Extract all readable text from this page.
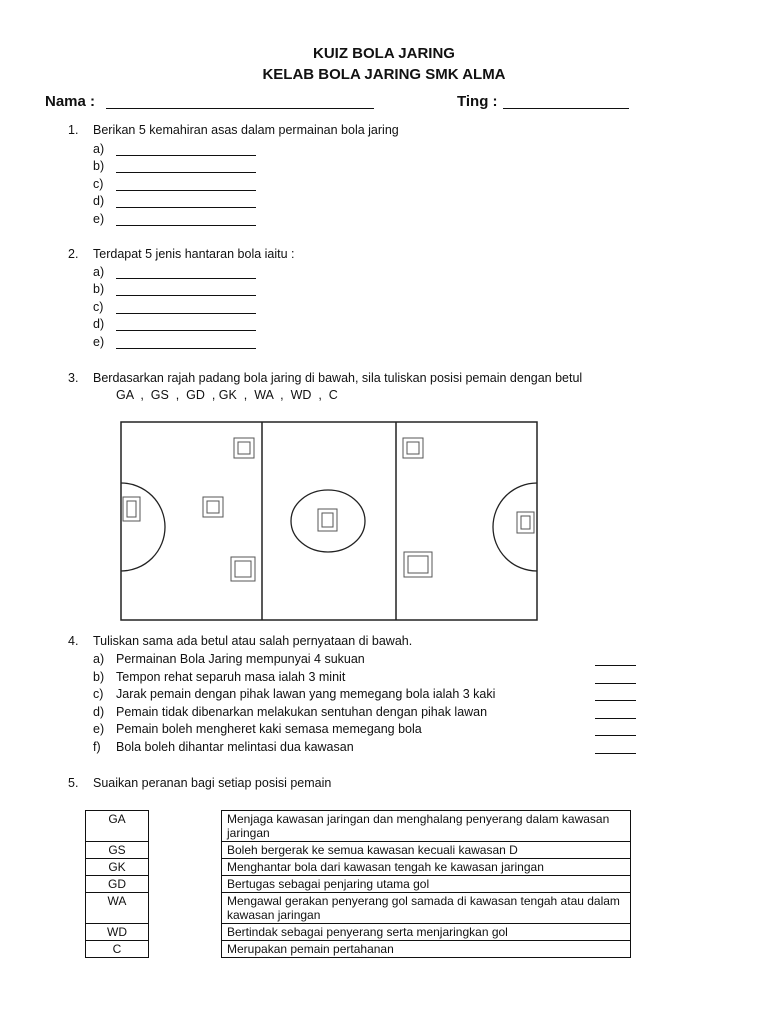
KUIZ BOLA JARING
KELAB BOLA JARING SMK ALMA
Nama :	Ting :
1. Berikan 5 kemahiran asas dalam permainan bola jaring
a)
b)
c)
d)
e)
2. Terdapat 5 jenis hantaran bola iaitu :
a)
b)
c)
d)
e)
3. Berdasarkan rajah padang bola jaring di bawah, sila tuliskan posisi pemain dengan betul
GA  ,  GS  ,  GD  , GK  ,  WA  ,  WD  ,  C
4. Tuliskan sama ada betul atau salah pernyataan di bawah.
a) Permainan Bola Jaring mempunyai 4 sukuan
b) Tempon rehat separuh masa ialah 3 minit
c) Jarak pemain dengan pihak lawan yang memegang bola ialah 3 kaki
d) Pemain tidak dibenarkan melakukan sentuhan dengan pihak lawan
e) Pemain boleh mengheret kaki semasa memegang bola
f) Bola boleh dihantar melintasi dua kawasan
5. Suaikan peranan bagi setiap posisi pemain
GA		Menjaga kawasan jaringan dan menghalang penyerang dalam kawasan jaringan
GS		Boleh bergerak ke semua kawasan kecuali kawasan D
GK		Menghantar bola dari kawasan tengah ke kawasan jaringan
GD		Bertugas sebagai penjaring utama gol
WA		Mengawal gerakan penyerang gol samada di kawasan tengah atau dalam kawasan jaringan
WD		Bertindak sebagai penyerang serta menjaringkan gol
C		Merupakan pemain pertahanan
